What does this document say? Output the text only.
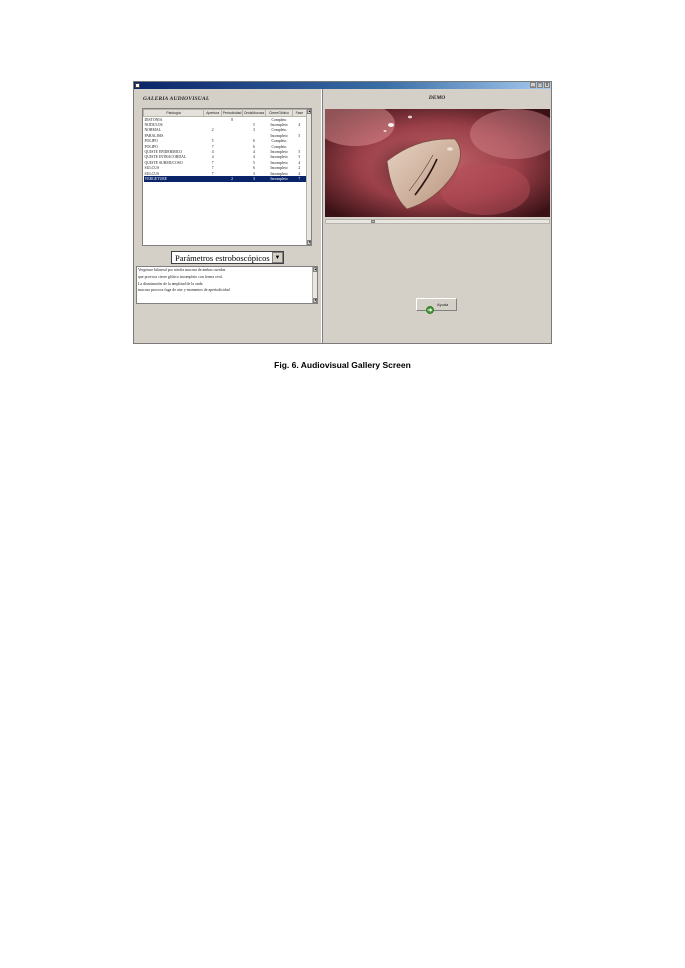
_ □ x
GALERIA AUDIOVISUAL
Patología	Apertura	Periodicidad	OndaMucosa	CierreGlótico	Fase
DISTONIA		8		Completo	
NODULOS			5	Incompleto	4
NORMAL	2		3	Completo	
PARALISIS				Incompleto	5
POLIPO	5		6	Completo	
POLIPO	7		6	Completo	
QUISTE EPIDERMICO	4		4	Incompleto	5
QUISTE INTRACORDAL	4		4	Incompleto	5
QUISTE SUBMUCOSO	7		5	Incompleto	4
SULCUS	7		6	Incompleto	2
SULCUS	7		3	Incompleto	4
VERGETURE		2	3	Incompleto	7
▲
▼
Parámetros estroboscópicos ▼
Vergeture bilateral por atrofia mucosa de ambas cuerdas
que provoca cierre glótico incompleto con forma oval.
La disminución de la amplitud de la onda
mucosa provoca fuga de aire y momentos de aperiodicidad
▲
▼
DEMO
Ayuda
Fig. 6. Audiovisual Gallery Screen
